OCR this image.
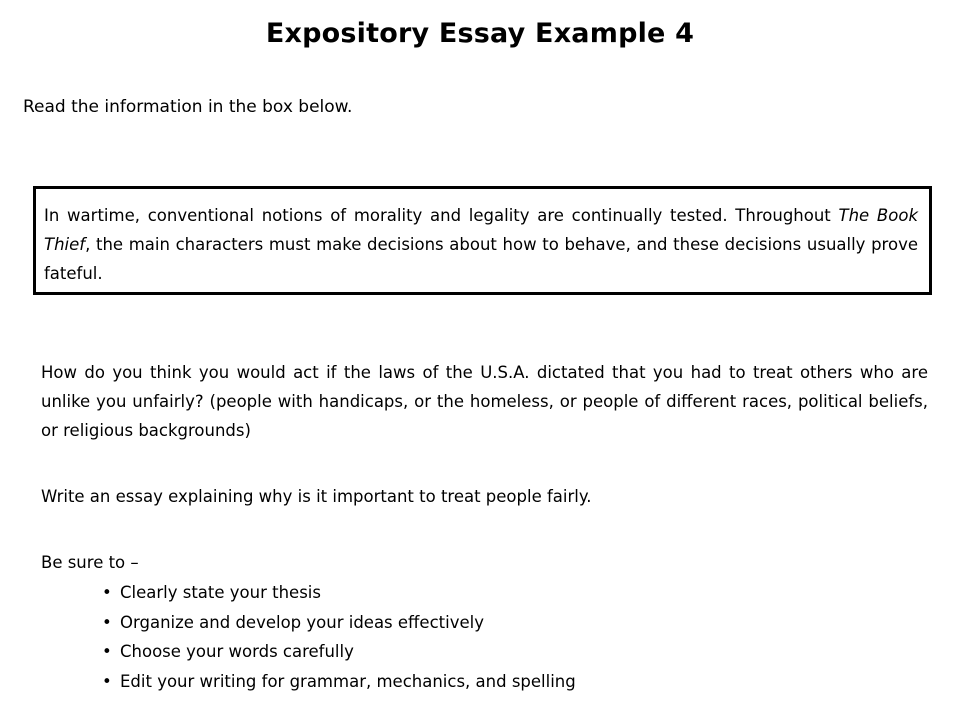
Expository Essay Example 4
Read the information in the box below.

In wartime, conventional notions of morality and legality are continually tested. Throughout The Book Thief, the main characters must make decisions about how to behave, and these decisions usually prove fateful.

How do you think you would act if the laws of the U.S.A. dictated that you had to treat others who are unlike you unfairly? (people with handicaps, or the homeless, or people of different races, political beliefs, or religious backgrounds)

Write an essay explaining why is it important to treat people fairly.
Be sure to –
• Clearly state your thesis
• Organize and develop your ideas effectively
• Choose your words carefully
• Edit your writing for grammar, mechanics, and spelling
